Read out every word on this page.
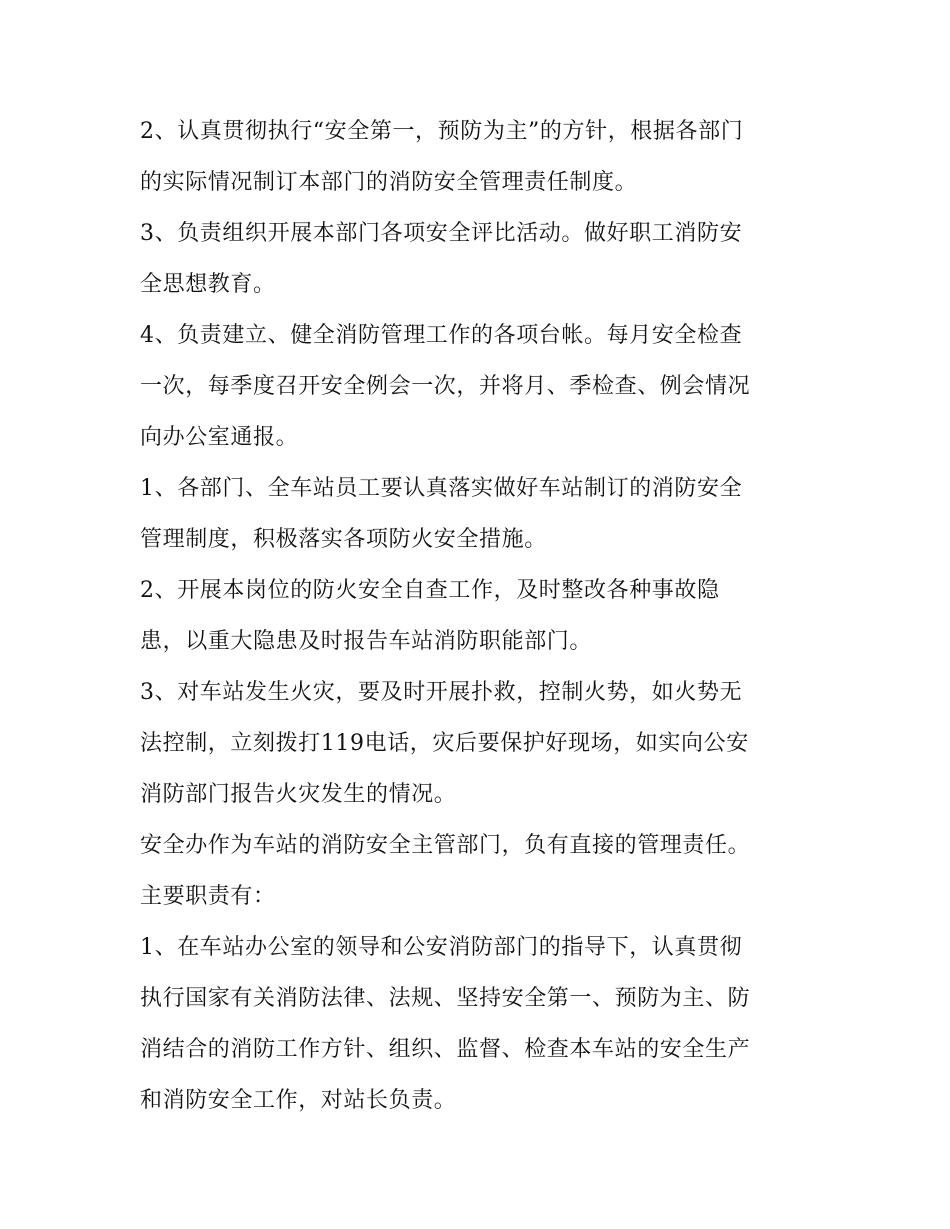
2、认真贯彻执行“安全第一，预防为主”的方针，根据各部门
的实际情况制订本部门的消防安全管理责任制度。
3、负责组织开展本部门各项安全评比活动。做好职工消防安
全思想教育。
4、负责建立、健全消防管理工作的各项台帐。每月安全检查
一次，每季度召开安全例会一次，并将月、季检查、例会情况
向办公室通报。
1、各部门、全车站员工要认真落实做好车站制订的消防安全
管理制度，积极落实各项防火安全措施。
2、开展本岗位的防火安全自查工作，及时整改各种事故隐
患，以重大隐患及时报告车站消防职能部门。
3、对车站发生火灾，要及时开展扑救，控制火势，如火势无
法控制，立刻拨打119电话，灾后要保护好现场，如实向公安
消防部门报告火灾发生的情况。
安全办作为车站的消防安全主管部门，负有直接的管理责任。
主要职责有：
1、在车站办公室的领导和公安消防部门的指导下，认真贯彻
执行国家有关消防法律、法规、坚持安全第一、预防为主、防
消结合的消防工作方针、组织、监督、检查本车站的安全生产
和消防安全工作，对站长负责。
